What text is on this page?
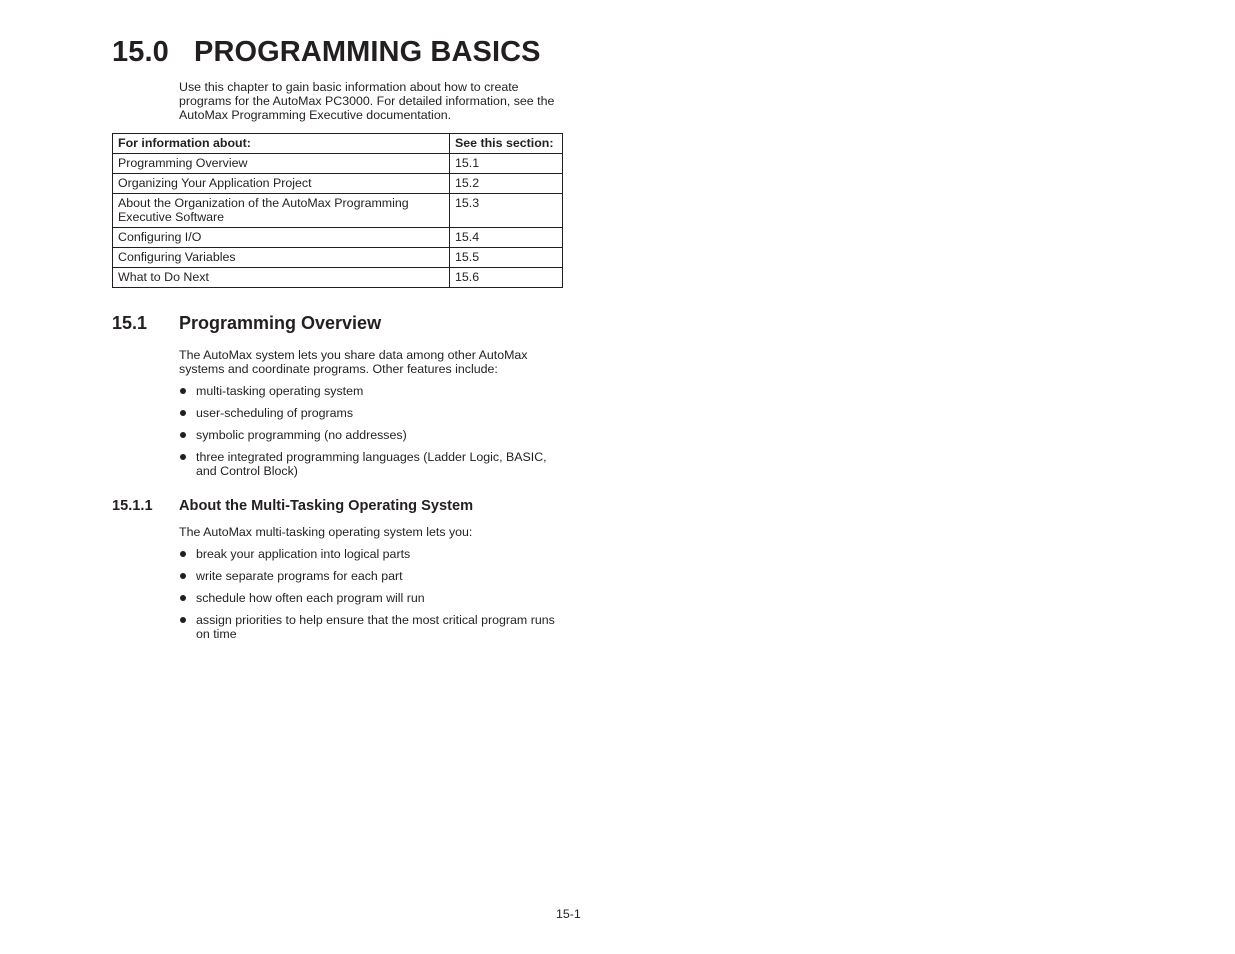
15.0 PROGRAMMING BASICS
Use this chapter to gain basic information about how to create programs for the AutoMax PC3000. For detailed information, see the AutoMax Programming Executive documentation.
For information about:	See this section:
Programming Overview	15.1
Organizing Your Application Project	15.2
About the Organization of the AutoMax Programming Executive Software	15.3
Configuring I/O	15.4
Configuring Variables	15.5
What to Do Next	15.6
15.1 Programming Overview
The AutoMax system lets you share data among other AutoMax systems and coordinate programs. Other features include:
multi-tasking operating system
user-scheduling of programs
symbolic programming (no addresses)
three integrated programming languages (Ladder Logic, BASIC, and Control Block)
15.1.1 About the Multi-Tasking Operating System
The AutoMax multi-tasking operating system lets you:
break your application into logical parts
write separate programs for each part
schedule how often each program will run
assign priorities to help ensure that the most critical program runs on time
15-1
